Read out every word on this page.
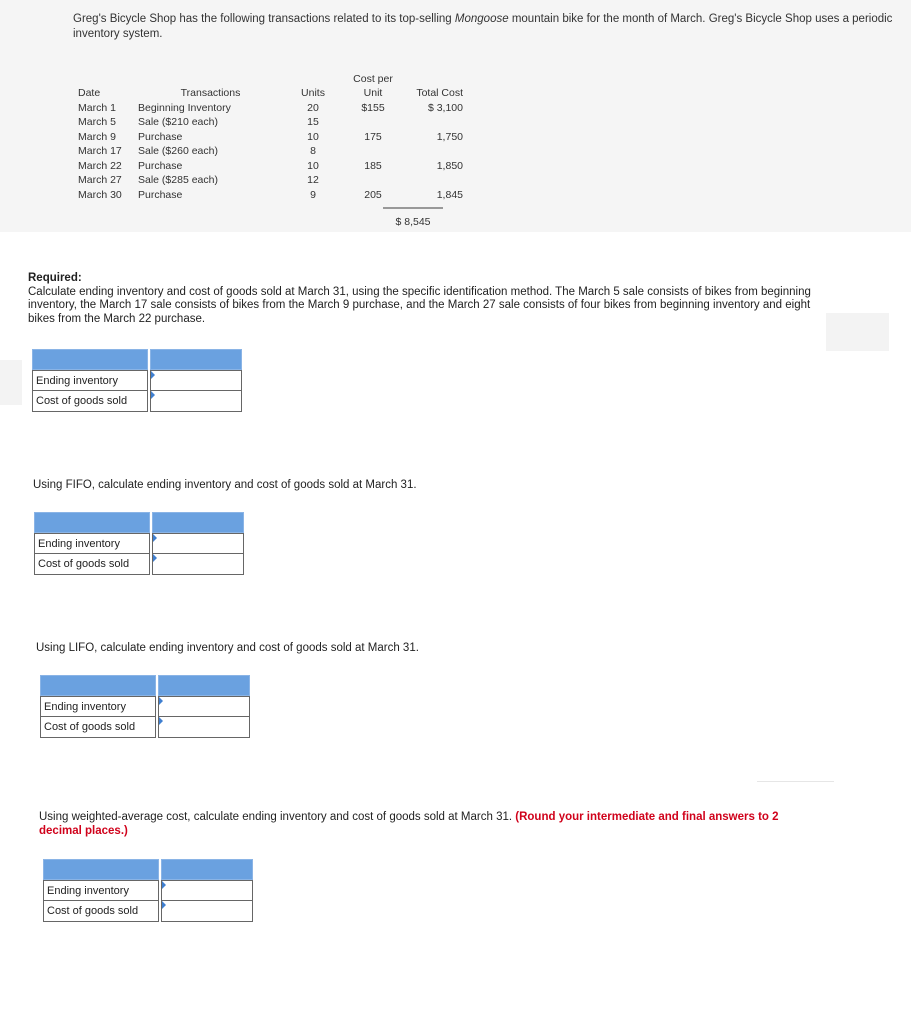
Greg's Bicycle Shop has the following transactions related to its top-selling Mongoose mountain bike for the month of March. Greg's Bicycle Shop uses a periodic inventory system.
			Cost per	
Date	Transactions	Units	Unit	Total Cost
March 1	Beginning Inventory	20	$155	$ 3,100
March 5	Sale ($210 each)	15		
March 9	Purchase	10	175	1,750
March 17	Sale ($260 each)	8		
March 22	Purchase	10	185	1,850
March 27	Sale ($285 each)	12		
March 30	Purchase	9	205	1,845
$ 8,545
Required:
Calculate ending inventory and cost of goods sold at March 31, using the specific identification method. The March 5 sale consists of bikes from beginning inventory, the March 17 sale consists of bikes from the March 9 purchase, and the March 27 sale consists of four bikes from beginning inventory and eight bikes from the March 22 purchase.
Ending inventory
Cost of goods sold
Using FIFO, calculate ending inventory and cost of goods sold at March 31.
Ending inventory
Cost of goods sold
Using LIFO, calculate ending inventory and cost of goods sold at March 31.
Ending inventory
Cost of goods sold
Using weighted-average cost, calculate ending inventory and cost of goods sold at March 31. (Round your intermediate and final answers to 2 decimal places.)
Ending inventory
Cost of goods sold
